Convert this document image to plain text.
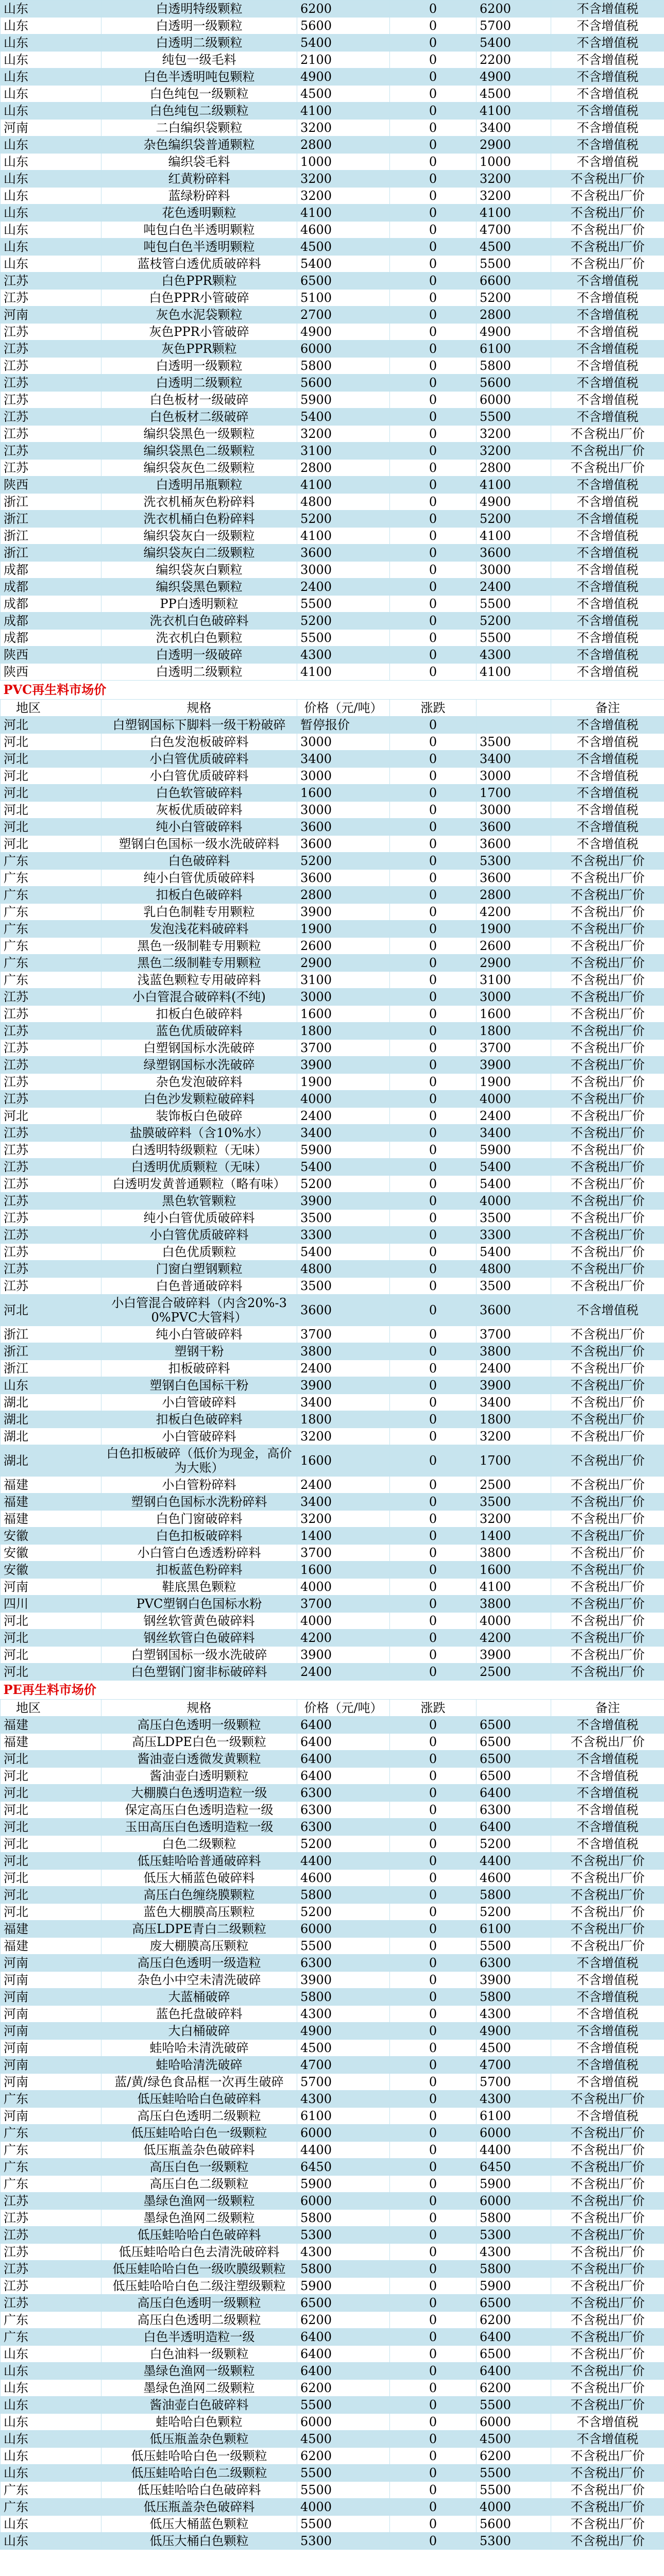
山东	白透明特级颗粒	6200	0	6200	不含增值税
山东	白透明一级颗粒	5600	0	5700	不含增值税
山东	白透明二级颗粒	5400	0	5400	不含增值税
山东	纯包一级毛料	2100	0	2200	不含增值税
山东	白色半透明吨包颗粒	4900	0	4900	不含增值税
山东	白色纯包一级颗粒	4500	0	4500	不含增值税
山东	白色纯包二级颗粒	4100	0	4100	不含增值税
河南	二白编织袋颗粒	3200	0	3400	不含增值税
山东	杂色编织袋普通颗粒	2800	0	2900	不含增值税
山东	编织袋毛料	1000	0	1000	不含增值税
山东	红黄粉碎料	3200	0	3200	不含税出厂价
山东	蓝绿粉碎料	3200	0	3200	不含税出厂价
山东	花色透明颗粒	4100	0	4100	不含税出厂价
山东	吨包白色半透明颗粒	4600	0	4700	不含税出厂价
山东	吨包白色半透明颗粒	4500	0	4500	不含税出厂价
山东	蓝枝管白透优质破碎料	5400	0	5500	不含税出厂价
江苏	白色PPR颗粒	6500	0	6600	不含增值税
江苏	白色PPR小管破碎	5100	0	5200	不含增值税
河南	灰色水泥袋颗粒	2700	0	2800	不含增值税
江苏	灰色PPR小管破碎	4900	0	4900	不含增值税
江苏	灰色PPR颗粒	6000	0	6100	不含增值税
江苏	白透明一级颗粒	5800	0	5800	不含增值税
江苏	白透明二级颗粒	5600	0	5600	不含增值税
江苏	白色板材一级破碎	5900	0	6000	不含增值税
江苏	白色板材二级破碎	5400	0	5500	不含增值税
江苏	编织袋黑色一级颗粒	3200	0	3200	不含税出厂价
江苏	编织袋黑色二级颗粒	3100	0	3200	不含税出厂价
江苏	编织袋灰色二级颗粒	2800	0	2800	不含税出厂价
陕西	白透明吊瓶颗粒	4100	0	4100	不含增值税
浙江	洗衣机桶灰色粉碎料	4800	0	4900	不含增值税
浙江	洗衣机桶白色粉碎料	5200	0	5200	不含增值税
浙江	编织袋灰白一级颗粒	4100	0	4100	不含增值税
浙江	编织袋灰白二级颗粒	3600	0	3600	不含增值税
成都	编织袋灰白颗粒	3000	0	3000	不含增值税
成都	编织袋黑色颗粒	2400	0	2400	不含增值税
成都	PP白透明颗粒	5500	0	5500	不含增值税
成都	洗衣机白色破碎料	5200	0	5200	不含增值税
成都	洗衣机白色颗粒	5500	0	5500	不含增值税
陕西	白透明一级破碎	4300	0	4300	不含增值税
陕西	白透明二级颗粒	4100	0	4100	不含增值税
PVC再生料市场价					
地区	规格	价格（元/吨）	涨跌		备注
河北	白塑钢国标下脚料一级干粉破碎	暂停报价	0		不含增值税
河北	白色发泡板破碎料	3000	0	3500	不含增值税
河北	小白管优质破碎料	3400	0	3400	不含增值税
河北	小白管优质破碎料	3000	0	3000	不含增值税
河北	白色软管破碎料	1600	0	1700	不含增值税
河北	灰板优质破碎料	3000	0	3000	不含增值税
河北	纯小白管破碎料	3600	0	3600	不含增值税
河北	塑钢白色国标一级水洗破碎料	3600	0	3600	不含增值税
广东	白色破碎料	5200	0	5300	不含税出厂价
广东	纯小白管优质破碎料	3600	0	3600	不含税出厂价
广东	扣板白色破碎料	2800	0	2800	不含税出厂价
广东	乳白色制鞋专用颗粒	3900	0	4200	不含税出厂价
广东	发泡浅花料破碎料	1900	0	1900	不含税出厂价
广东	黑色一级制鞋专用颗粒	2600	0	2600	不含税出厂价
广东	黑色二级制鞋专用颗粒	2900	0	2900	不含税出厂价
广东	浅蓝色颗粒专用破碎料	3100	0	3100	不含税出厂价
江苏	小白管混合破碎料(不纯)	3000	0	3000	不含税出厂价
江苏	扣板白色破碎料	1600	0	1600	不含税出厂价
江苏	蓝色优质破碎料	1800	0	1800	不含税出厂价
江苏	白塑钢国标水洗破碎	3700	0	3700	不含税出厂价
江苏	绿塑钢国标水洗破碎	3900	0	3900	不含税出厂价
江苏	杂色发泡破碎料	1900	0	1900	不含税出厂价
江苏	白色沙发颗粒破碎料	4000	0	4000	不含税出厂价
河北	装饰板白色破碎	2400	0	2400	不含税出厂价
江苏	盐膜破碎料（含10%水）	3400	0	3400	不含税出厂价
江苏	白透明特级颗粒（无味）	5900	0	5900	不含税出厂价
江苏	白透明优质颗粒（无味）	5400	0	5400	不含税出厂价
江苏	白透明发黄普通颗粒（略有味）	5200	0	5400	不含税出厂价
江苏	黑色软管颗粒	3900	0	4000	不含税出厂价
江苏	纯小白管优质破碎料	3500	0	3500	不含税出厂价
江苏	小白管优质破碎料	3300	0	3300	不含税出厂价
江苏	白色优质颗粒	5400	0	5400	不含税出厂价
江苏	门窗白塑钢颗粒	4800	0	4800	不含税出厂价
江苏	白色普通破碎料	3500	0	3500	不含税出厂价
河北	小白管混合破碎料（内含20%-30%PVC大管料）	3600	0	3600	不含增值税
浙江	纯小白管破碎料	3700	0	3700	不含税出厂价
浙江	塑钢干粉	3800	0	3800	不含税出厂价
浙江	扣板破碎料	2400	0	2400	不含税出厂价
山东	塑钢白色国标干粉	3900	0	3900	不含税出厂价
湖北	小白管破碎料	3400	0	3400	不含税出厂价
湖北	扣板白色破碎料	1800	0	1800	不含税出厂价
湖北	小白管破碎料	3200	0	3200	不含税出厂价
湖北	白色扣板破碎（低价为现金，高价为大账）	1600	0	1700	不含税出厂价
福建	小白管粉碎料	2400	0	2500	不含税出厂价
福建	塑钢白色国标水洗粉碎料	3400	0	3500	不含税出厂价
福建	白色门窗破碎料	3200	0	3200	不含税出厂价
安徽	白色扣板破碎料	1400	0	1400	不含税出厂价
安徽	小白管白色透透粉碎料	3700	0	3800	不含税出厂价
安徽	扣板蓝色粉碎料	1600	0	1600	不含税出厂价
河南	鞋底黑色颗粒	4000	0	4100	不含税出厂价
四川	PVC塑钢白色国标水粉	3700	0	3800	不含税出厂价
河北	钢丝软管黄色破碎料	4000	0	4000	不含税出厂价
河北	钢丝软管白色破碎料	4200	0	4200	不含税出厂价
河北	白塑钢国标一级水洗破碎	3900	0	3900	不含税出厂价
河北	白色塑钢门窗非标破碎料	2400	0	2500	不含税出厂价
PE再生料市场价					
地区	规格	价格（元/吨）	涨跌		备注
福建	高压白色透明一级颗粒	6400	0	6500	不含增值税
福建	高压LDPE白色一级颗粒	6400	0	6500	不含税出厂价
河北	酱油壶白透微发黄颗粒	6400	0	6500	不含增值税
河北	酱油壶白透明颗粒	6400	0	6500	不含增值税
河北	大棚膜白色透明造粒一级	6300	0	6400	不含增值税
河北	保定高压白色透明造粒一级	6300	0	6300	不含增值税
河北	玉田高压白色透明造粒一级	6300	0	6400	不含增值税
河北	白色二级颗粒	5200	0	5200	不含增值税
河北	低压蛙哈哈普通破碎料	4400	0	4400	不含税出厂价
河北	低压大桶蓝色破碎料	4600	0	4600	不含税出厂价
河北	高压白色缠绕膜颗粒	5800	0	5800	不含税出厂价
河北	蓝色大棚膜高压颗粒	5200	0	5200	不含税出厂价
福建	高压LDPE青白二级颗粒	6000	0	6100	不含税出厂价
福建	废大棚膜高压颗粒	5500	0	5500	不含税出厂价
河南	高压白色透明一级造粒	6300	0	6300	不含增值税
河南	杂色小中空未清洗破碎	3900	0	3900	不含增值税
河南	大蓝桶破碎	5800	0	5800	不含增值税
河南	蓝色托盘破碎料	4300	0	4300	不含增值税
河南	大白桶破碎	4900	0	4900	不含增值税
河南	蛙哈哈未清洗破碎	4500	0	4500	不含增值税
河南	蛙哈哈清洗破碎	4700	0	4700	不含增值税
河南	蓝/黄/绿色食品框一次再生破碎	5700	0	5700	不含增值税
广东	低压蛙哈哈白色破碎料	4300	0	4300	不含税出厂价
河南	高压白色透明二级颗粒	6100	0	6100	不含增值税
广东	低压蛙哈哈白色一级颗粒	6000	0	6000	不含税出厂价
广东	低压瓶盖杂色破碎料	4400	0	4400	不含税出厂价
广东	高压白色一级颗粒	6450	0	6450	不含税出厂价
广东	高压白色二级颗粒	5900	0	5900	不含税出厂价
江苏	墨绿色渔网一级颗粒	6000	0	6000	不含税出厂价
江苏	墨绿色渔网二级颗粒	5800	0	5800	不含税出厂价
江苏	低压蛙哈哈白色破碎料	5300	0	5300	不含税出厂价
江苏	低压蛙哈哈白色去清洗破碎料	4300	0	4300	不含税出厂价
江苏	低压蛙哈哈白色一级吹膜级颗粒	5800	0	5800	不含税出厂价
江苏	低压蛙哈哈白色二级注塑级颗粒	5900	0	5900	不含税出厂价
江苏	高压白色透明一级颗粒	6500	0	6500	不含税出厂价
广东	高压白色透明二级颗粒	6200	0	6200	不含税出厂价
广东	白色半透明造粒一级	6400	0	6400	不含税出厂价
山东	白色油料一级颗粒	6400	0	6500	不含税出厂价
山东	墨绿色渔网一级颗粒	6400	0	6400	不含税出厂价
山东	墨绿色渔网二级颗粒	6200	0	6200	不含税出厂价
山东	酱油壶白色破碎料	5500	0	5500	不含税出厂价
山东	蛙哈哈白色颗粒	6000	0	6000	不含增值税
山东	低压瓶盖杂色颗粒	4500	0	4500	不含增值税
山东	低压蛙哈哈白色一级颗粒	6200	0	6200	不含税出厂价
山东	低压蛙哈哈白色二级颗粒	5500	0	5500	不含税出厂价
广东	低压蛙哈哈白色破碎料	5500	0	5500	不含税出厂价
广东	低压瓶盖杂色破碎料	4000	0	4000	不含税出厂价
山东	低压大桶蓝色颗粒	5500	0	5600	不含税出厂价
山东	低压大桶白色颗粒	5300	0	5300	不含税出厂价
